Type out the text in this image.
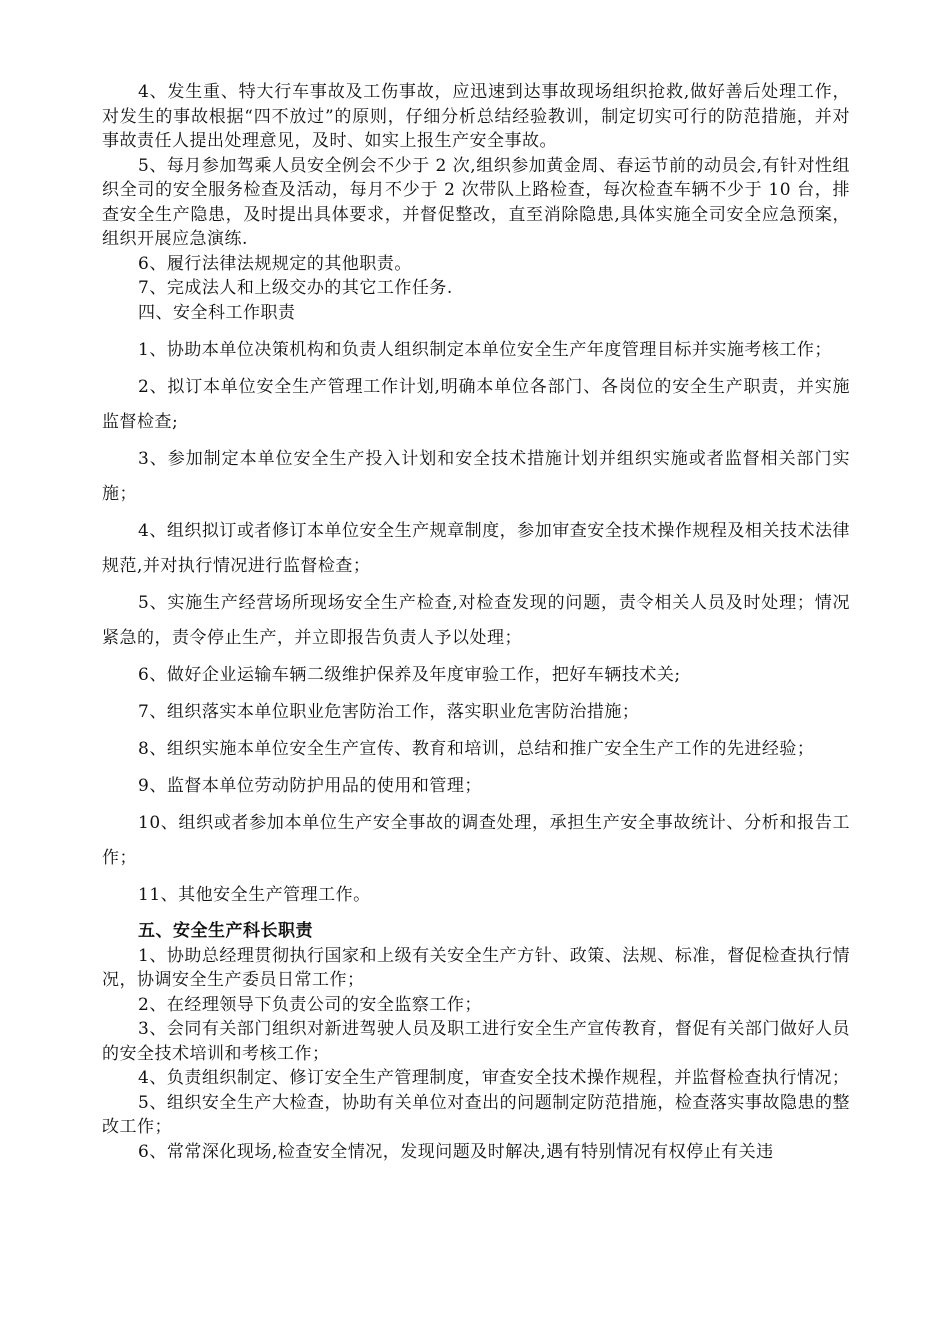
4、发生重、特大行车事故及工伤事故，应迅速到达事故现场组织抢救,做好善后处理工作，对发生的事故根据“四不放过”的原则，仔细分析总结经验教训，制定切实可行的防范措施，并对事故责任人提出处理意见，及时、如实上报生产安全事故。

5、每月参加驾乘人员安全例会不少于 2 次,组织参加黄金周、春运节前的动员会,有针对性组织全司的安全服务检查及活动，每月不少于 2 次带队上路检查，每次检查车辆不少于 10 台，排查安全生产隐患，及时提出具体要求，并督促整改，直至消除隐患,具体实施全司安全应急预案，组织开展应急演练.

6、履行法律法规规定的其他职责。

7、完成法人和上级交办的其它工作任务.

四、安全科工作职责

1、协助本单位决策机构和负责人组织制定本单位安全生产年度管理目标并实施考核工作；

2、拟订本单位安全生产管理工作计划,明确本单位各部门、各岗位的安全生产职责，并实施监督检查;

3、参加制定本单位安全生产投入计划和安全技术措施计划并组织实施或者监督相关部门实施；

4、组织拟订或者修订本单位安全生产规章制度，参加审查安全技术操作规程及相关技术法律规范,并对执行情况进行监督检查；

5、实施生产经营场所现场安全生产检查,对检查发现的问题，责令相关人员及时处理；情况紧急的，责令停止生产，并立即报告负责人予以处理；

6、做好企业运输车辆二级维护保养及年度审验工作，把好车辆技术关;

7、组织落实本单位职业危害防治工作，落实职业危害防治措施；

8、组织实施本单位安全生产宣传、教育和培训，总结和推广安全生产工作的先进经验；

9、监督本单位劳动防护用品的使用和管理；

10、组织或者参加本单位生产安全事故的调查处理，承担生产安全事故统计、分析和报告工作；

11、其他安全生产管理工作。

五、安全生产科长职责

1、协助总经理贯彻执行国家和上级有关安全生产方针、政策、法规、标准，督促检查执行情况，协调安全生产委员日常工作；

2、在经理领导下负责公司的安全监察工作；

3、会同有关部门组织对新进驾驶人员及职工进行安全生产宣传教育，督促有关部门做好人员的安全技术培训和考核工作；

4、负责组织制定、修订安全生产管理制度，审查安全技术操作规程，并监督检查执行情况；

5、组织安全生产大检查，协助有关单位对查出的问题制定防范措施，检查落实事故隐患的整改工作；

6、常常深化现场,检查安全情况，发现问题及时解决,遇有特别情况有权停止有关违
